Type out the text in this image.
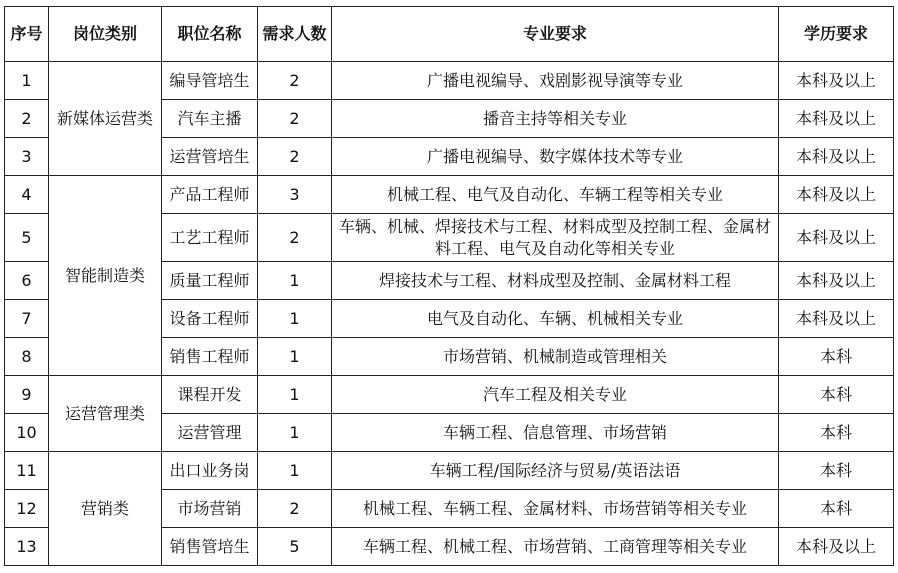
序号	岗位类别	职位名称	需求人数	专业要求	学历要求
1	新媒体运营类	编导管培生	2	广播电视编导、戏剧影视导演等专业	本科及以上
2		汽车主播	2	播音主持等相关专业	本科及以上
3		运营管培生	2	广播电视编导、数字媒体技术等专业	本科及以上
4	智能制造类	产品工程师	3	机械工程、电气及自动化、车辆工程等相关专业	本科及以上
5		工艺工程师	2	车辆、机械、焊接技术与工程、材料成型及控制工程、金属材料工程、电气及自动化等相关专业	本科及以上
6		质量工程师	1	焊接技术与工程、材料成型及控制、金属材料工程	本科及以上
7		设备工程师	1	电气及自动化、车辆、机械相关专业	本科及以上
8		销售工程师	1	市场营销、机械制造或管理相关	本科
9	运营管理类	课程开发	1	汽车工程及相关专业	本科
10		运营管理	1	车辆工程、信息管理、市场营销	本科
11	营销类	出口业务岗	1	车辆工程/国际经济与贸易/英语法语	本科
12		市场营销	2	机械工程、车辆工程、金属材料、市场营销等相关专业	本科
13		销售管培生	5	车辆工程、机械工程、市场营销、工商管理等相关专业	本科及以上
